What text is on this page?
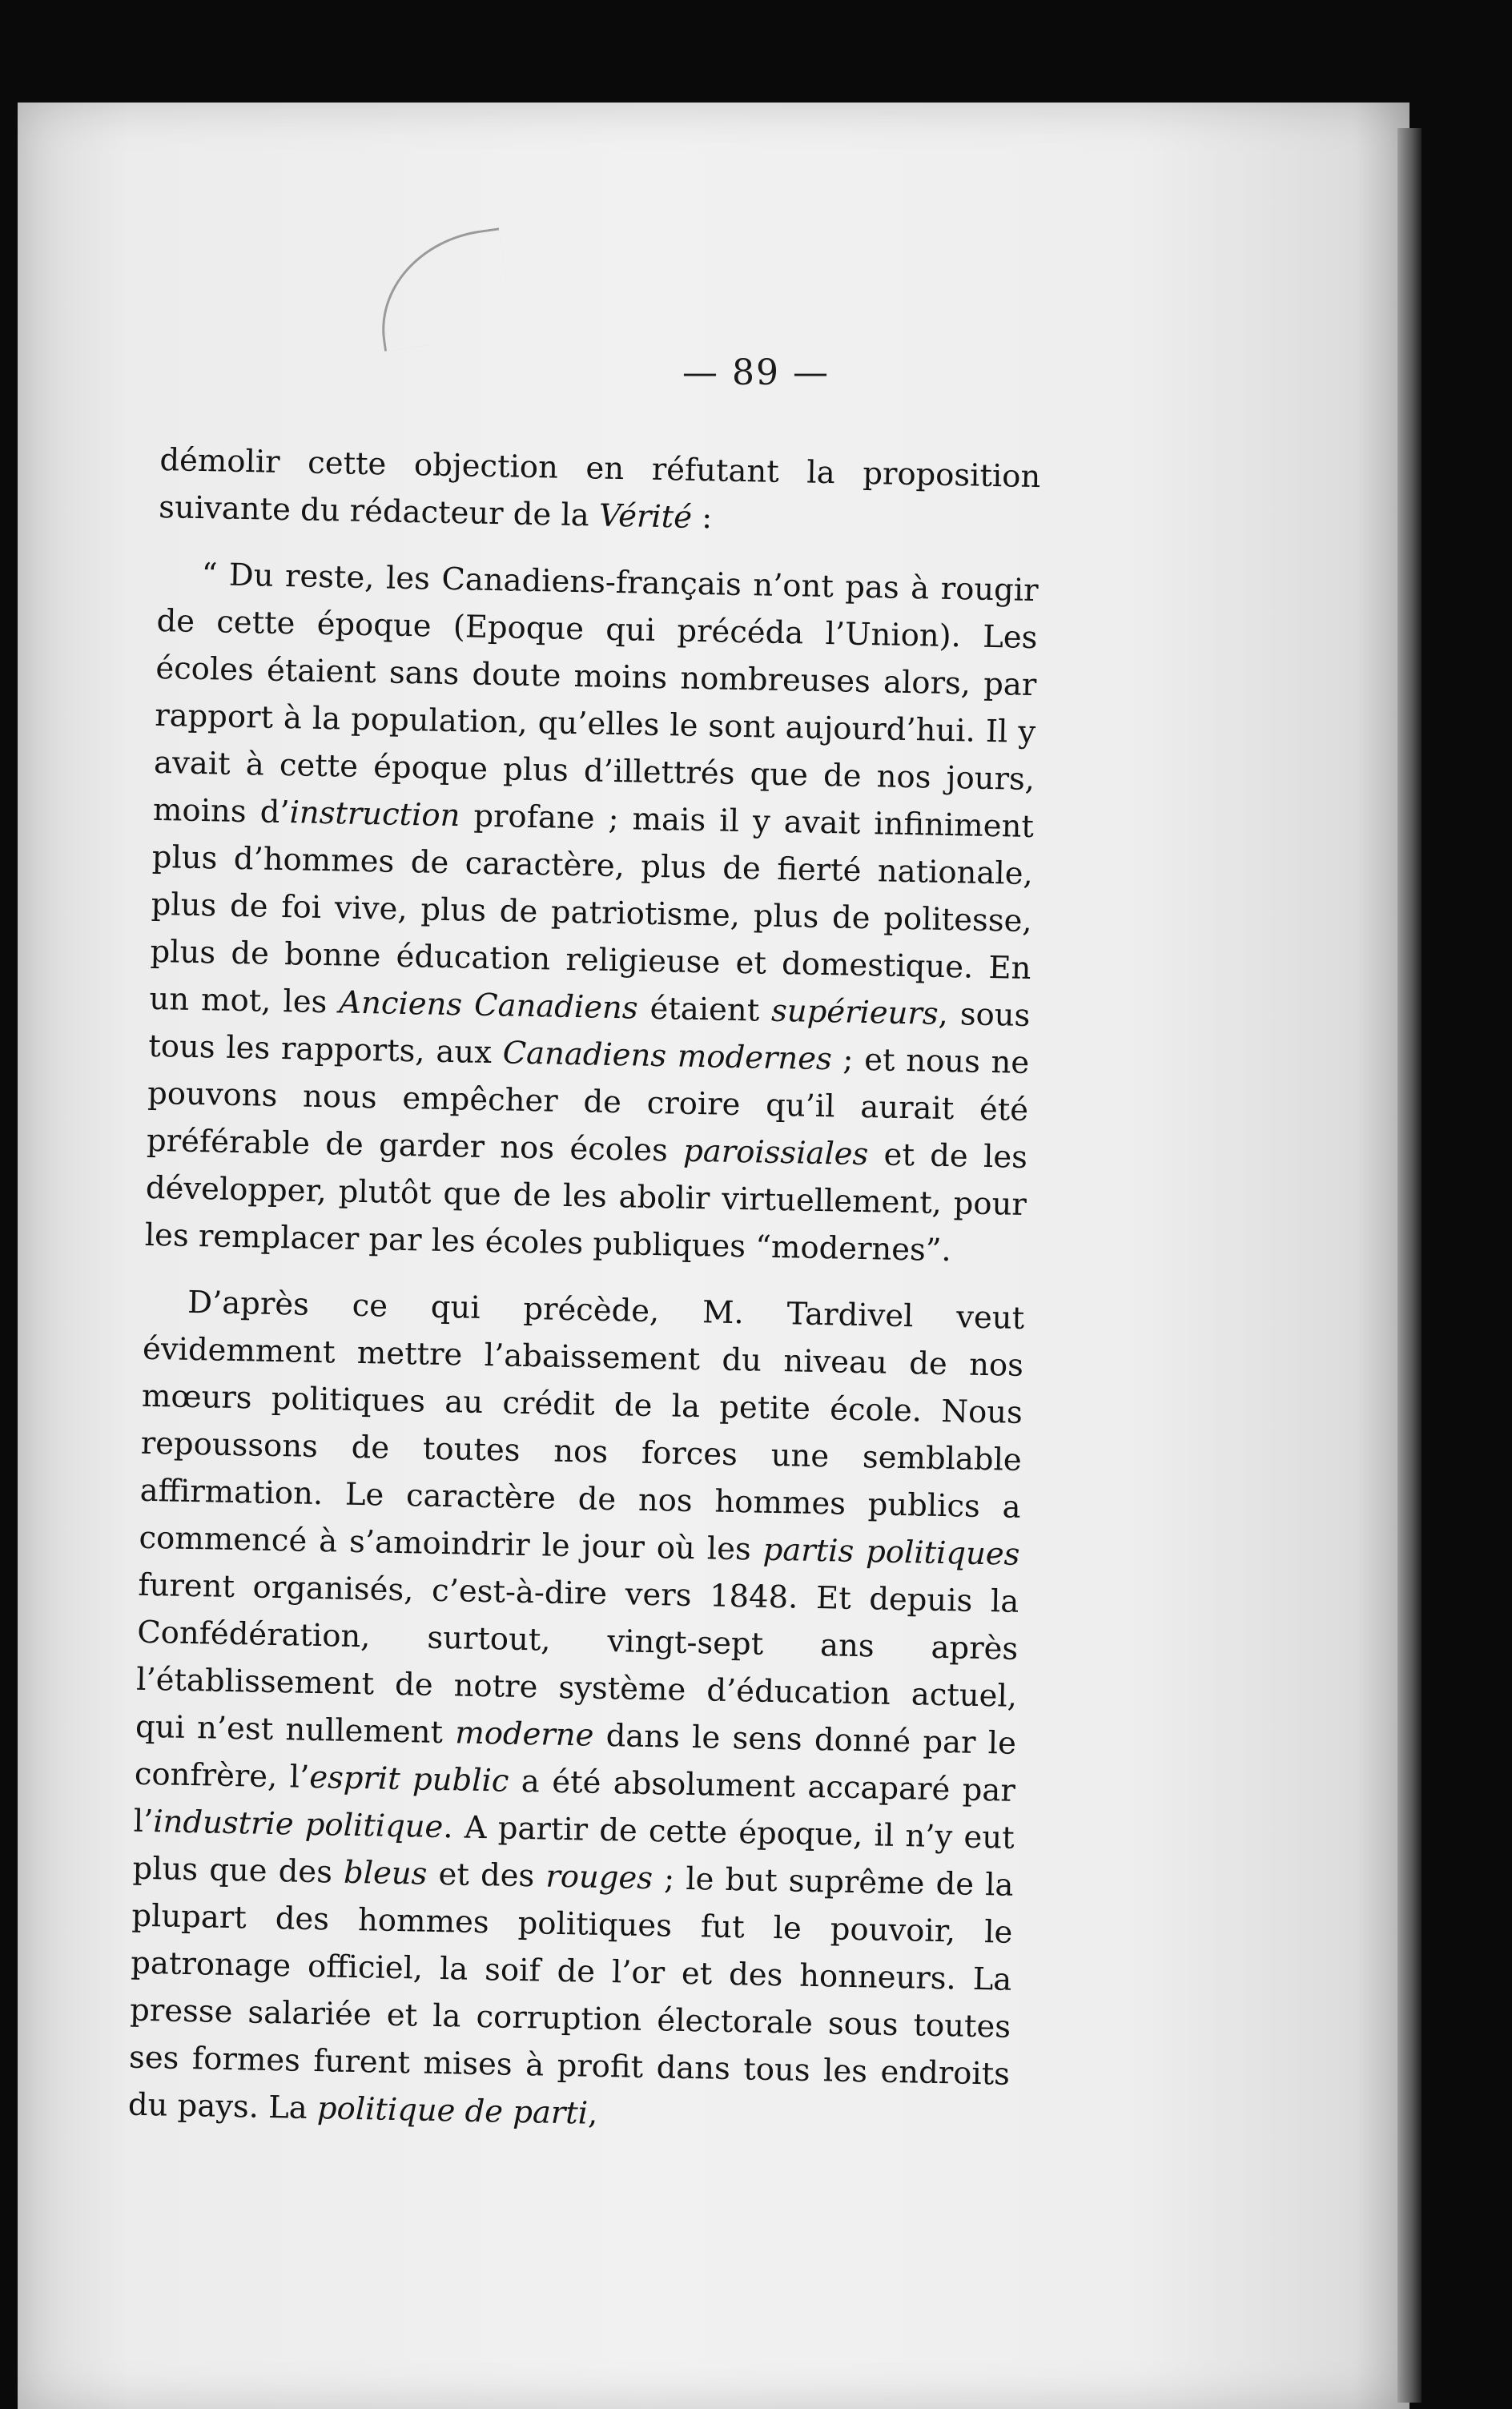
— 89 —

démolir cette objection en réfutant la proposition suivante du rédacteur de la Vérité :

“ Du reste, les Canadiens-français n’ont pas à rougir de cette époque (Epoque qui précéda l’Union). Les écoles étaient sans doute moins nombreuses alors, par rapport à la population, qu’elles le sont aujourd’hui. Il y avait à cette époque plus d’illettrés que de nos jours, moins d’instruction profane ; mais il y avait infiniment plus d’hommes de caractère, plus de fierté nationale, plus de foi vive, plus de patriotisme, plus de politesse, plus de bonne éducation religieuse et domestique. En un mot, les Anciens Canadiens étaient supérieurs, sous tous les rapports, aux Canadiens modernes ; et nous ne pouvons nous empêcher de croire qu’il aurait été préférable de garder nos écoles paroissiales et de les développer, plutôt que de les abolir virtuellement, pour les remplacer par les écoles publiques “modernes”.

D’après ce qui précède, M. Tardivel veut évidemment mettre l’abaissement du niveau de nos mœurs politiques au crédit de la petite école. Nous repoussons de toutes nos forces une semblable affirmation. Le caractère de nos hommes publics a commencé à s’amoindrir le jour où les partis politiques furent organisés, c’est-à-dire vers 1848. Et depuis la Confédération, surtout, vingt-sept ans après l’établissement de notre système d’éducation actuel, qui n’est nullement moderne dans le sens donné par le confrère, l’esprit public a été absolument accaparé par l’industrie politique. A partir de cette époque, il n’y eut plus que des bleus et des rouges ; le but suprême de la plupart des hommes politiques fut le pouvoir, le patronage officiel, la soif de l’or et des honneurs. La presse salariée et la corruption électorale sous toutes ses formes furent mises à profit dans tous les endroits du pays. La politique de parti,
